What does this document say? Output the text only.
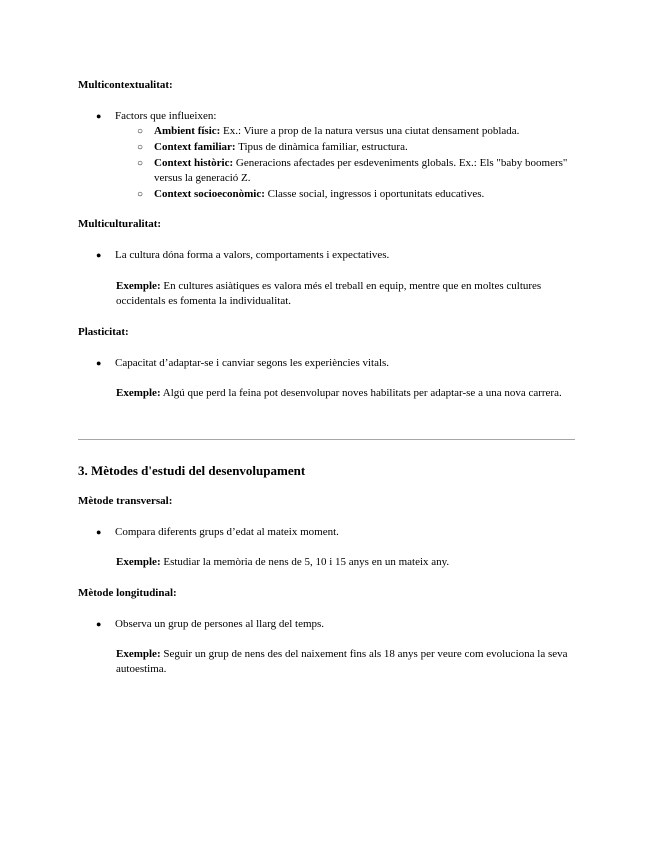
Multicontextualitat:
●	Factors que influeixen:
○ Ambient físic: Ex.: Viure a prop de la natura versus una ciutat densament poblada.
○ Context familiar: Tipus de dinàmica familiar, estructura.
○ Context històric: Generacions afectades per esdeveniments globals. Ex.: Els "baby boomers" versus la generació Z.
○ Context socioeconòmic: Classe social, ingressos i oportunitats educatives.
Multiculturalitat:
●	La cultura dóna forma a valors, comportaments i expectatives.
Exemple: En cultures asiàtiques es valora més el treball en equip, mentre que en moltes cultures occidentals es fomenta la individualitat.
Plasticitat:
●	Capacitat d’adaptar-se i canviar segons les experiències vitals.
Exemple: Algú que perd la feina pot desenvolupar noves habilitats per adaptar-se a una nova carrera.
3. Mètodes d'estudi del desenvolupament
Mètode transversal:
●	Compara diferents grups d’edat al mateix moment.
Exemple: Estudiar la memòria de nens de 5, 10 i 15 anys en un mateix any.
Mètode longitudinal:
●	Observa un grup de persones al llarg del temps.
Exemple: Seguir un grup de nens des del naixement fins als 18 anys per veure com evoluciona la seva autoestima.
